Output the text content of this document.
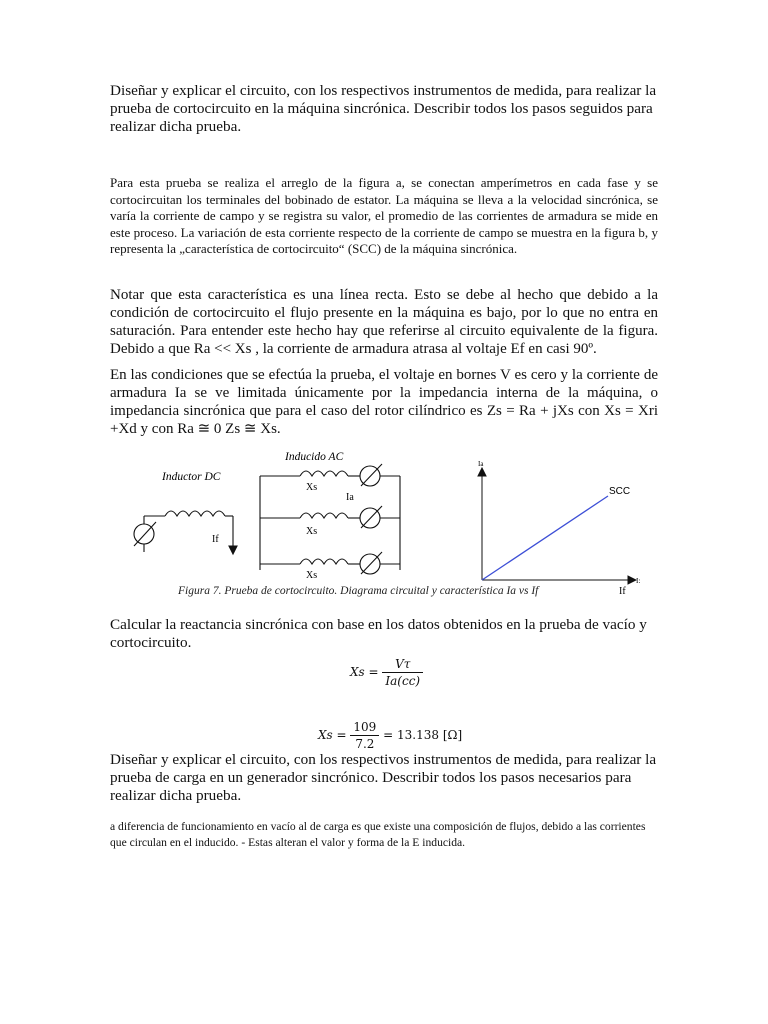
Diseñar y explicar el circuito, con los respectivos instrumentos de medida, para realizar la prueba de cortocircuito en la máquina sincrónica. Describir todos los pasos seguidos para realizar dicha prueba.

Para esta prueba se realiza el arreglo de la figura a, se conectan amperímetros en cada fase y se cortocircuitan los terminales del bobinado de estator. La máquina se lleva a la velocidad sincrónica, se varía la corriente de campo y se registra su valor, el promedio de las corrientes de armadura se mide en este proceso. La variación de esta corriente respecto de la corriente de campo se muestra en la figura b, y representa la „característica de cortocircuito“ (SCC) de la máquina sincrónica.

Notar que esta característica es una línea recta. Esto se debe al hecho que debido a la condición de cortocircuito el flujo presente en la máquina es bajo, por lo que no entra en saturación. Para entender este hecho hay que referirse al circuito equivalente de la figura. Debido a que Ra << Xs , la corriente de armadura atrasa al voltaje Ef en casi 90º.

En las condiciones que se efectúa la prueba, el voltaje en bornes V es cero y la corriente de armadura Ia se ve limitada únicamente por la impedancia interna de la máquina, o impedancia sincrónica que para el caso del rotor cilíndrico es Zs = Ra + jXs con Xs = Xri +Xd y con Ra ≅ 0 Zs ≅ Xs.

Inductor DC
Inducido AC
If
Xs
Xs
Xs
Ia
Ia
SCC
I:
If
Figura 7. Prueba de cortocircuito. Diagrama circuital y característica Ia vs If

Calcular la reactancia sincrónica con base en los datos obtenidos en la prueba de vacío y cortocircuito.

$Xs = \frac{V\tau}{Ia(cc)}$
$Xs = \frac{109}{7.2} = 13.138$ [Ω]

Diseñar y explicar el circuito, con los respectivos instrumentos de medida, para realizar la prueba de carga en un generador sincrónico. Describir todos los pasos necesarios para realizar dicha prueba.

a diferencia de funcionamiento en vacío al de carga es que existe una composición de flujos, debido a las corrientes que circulan en el inducido. - Estas alteran el valor y forma de la E inducida.
